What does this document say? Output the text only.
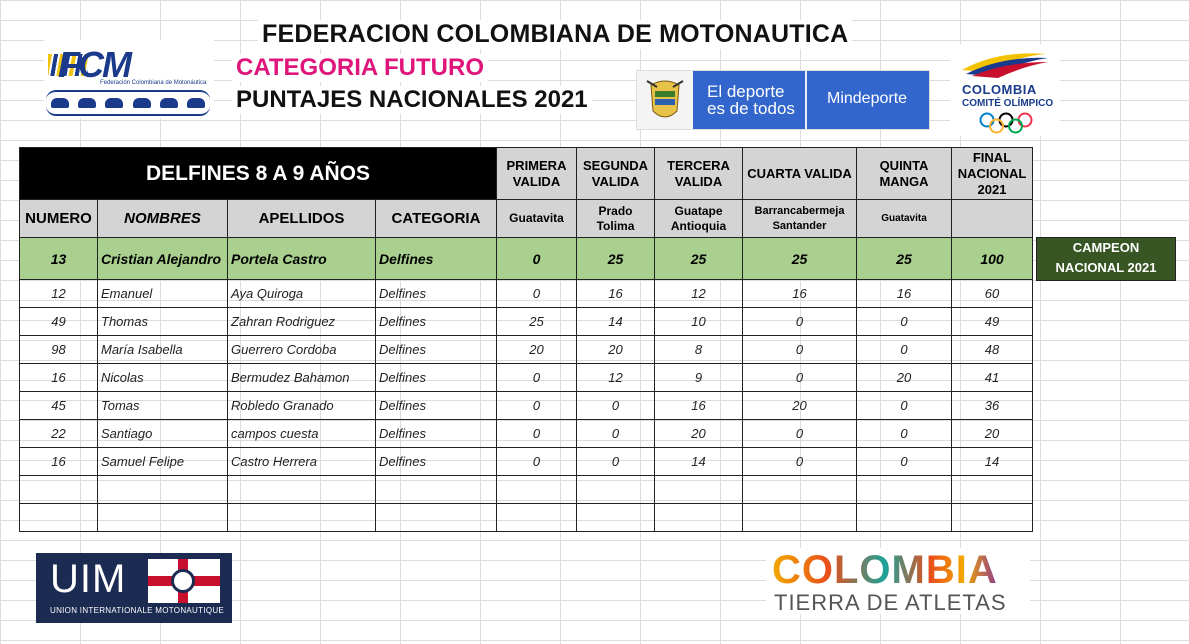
FCM
Federación Colombiana de Motonáutica
FEDERACION COLOMBIANA DE MOTONAUTICA
CATEGORIA FUTURO
PUNTAJES NACIONALES 2021	El deporte
es de todos
Mindeporte
COLOMBIA
COMITÉ OLÍMPICO
DELFINES 8 A 9 AÑOS				PRIMERA VALIDA	SEGUNDA VALIDA	TERCERA VALIDA	CUARTA VALIDA	QUINTA MANGA	FINAL NACIONAL 2021
NUMERO	NOMBRES	APELLIDOS	CATEGORIA	Guatavita	Prado Tolima	Guatape Antioquia	Barrancabermeja Santander	Guatavita	
13	Cristian Alejandro	Portela Castro	Delfines	0	25	25	25	25	100
12	Emanuel	Aya Quiroga	Delfines	0	16	12	16	16	60
49	Thomas	Zahran Rodriguez	Delfines	25	14	10	0	0	49
98	María Isabella	Guerrero Cordoba	Delfines	20	20	8	0	0	48
16	Nicolas	Bermudez Bahamon	Delfines	0	12	9	0	20	41
45	Tomas	Robledo Granado	Delfines	0	0	16	20	0	36
22	Santiago	campos cuesta	Delfines	0	0	20	0	0	20
16	Samuel Felipe	Castro Herrera	Delfines	0	0	14	0	0	14

CAMPEON NACIONAL 2021
UIM
UNION INTERNATIONALE MOTONAUTIQUE
COLOMBIA
TIERRA DE ATLETAS
